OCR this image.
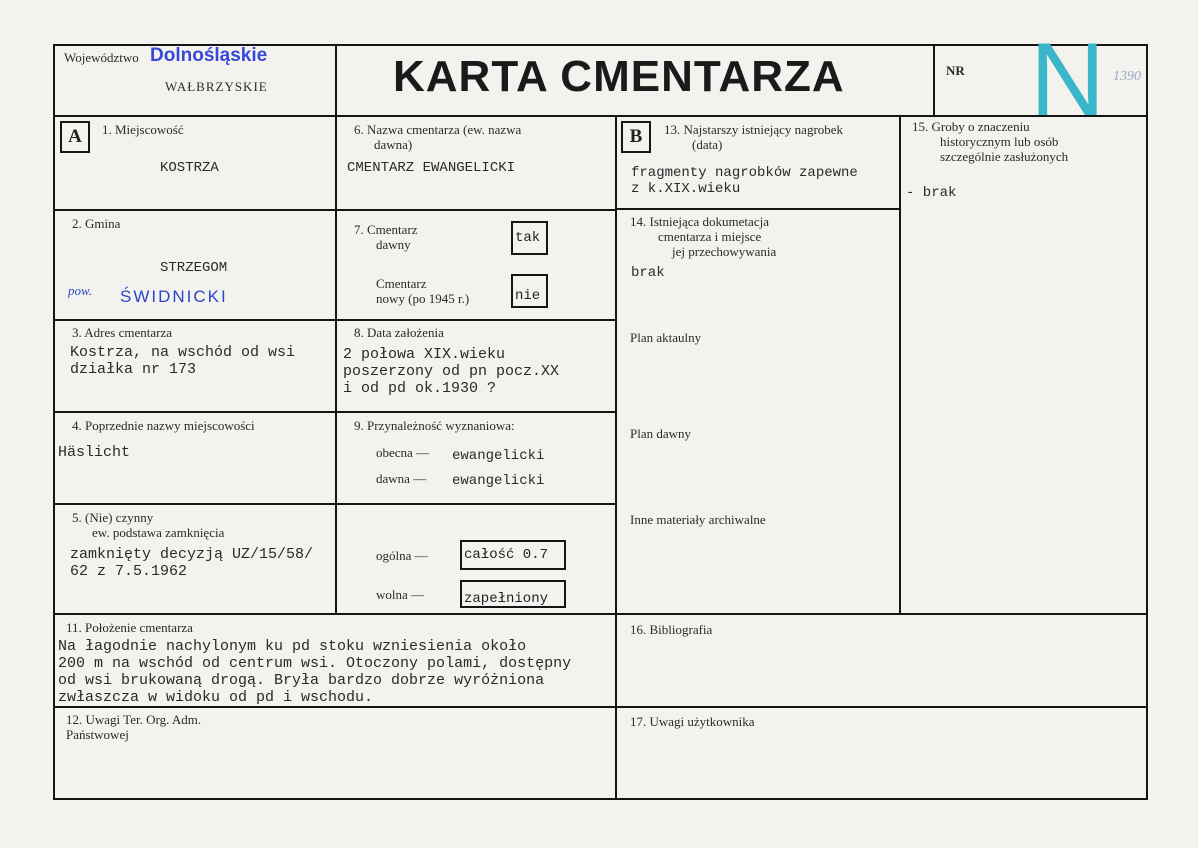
Województwo Dolnośląskie
WAŁBRZYSKIE	KARTA CMENTARZA	NR N 1390
A	B
1. Miejscowość
KOSTRZA
2. Gmina
STRZEGOM
pow. ŚWIDNICKI
3. Adres cmentarza
Kostrza, na wschód od wsi
działka nr 173
4. Poprzednie nazwy miejscowości
Häslicht
5. (Nie) czynny
ew. podstawa zamknięcia
zamknięty decyzją UZ/15/58/
62 z 7.5.1962
6. Nazwa cmentarza (ew. nazwa
dawna)
CMENTARZ EWANGELICKI
7. Cmentarz
dawny	tak
Cmentarz
nowy (po 1945 r.)	nie
8. Data założenia
2 połowa XIX.wieku
poszerzony od pn pocz.XX
i od pd ok.1930 ?
9. Przynależność wyznaniowa:
obecna — ewangelicki
dawna — ewangelicki
ogólna —	całość 0.7
wolna —	zapełniony
11. Położenie cmentarza
Na łagodnie nachylonym ku pd stoku wzniesienia około
200 m na wschód od centrum wsi. Otoczony polami, dostępny
od wsi brukowaną drogą. Bryła bardzo dobrze wyróżniona
zwłaszcza w widoku od pd i wschodu.
12. Uwagi Ter. Org. Adm.
Państwowej
13. Najstarszy istniejący nagrobek
(data)
fragmenty nagrobków zapewne
z k.XIX.wieku
14. Istniejąca dokumetacja
cmentarza i miejsce
jej przechowywania
brak
Plan aktaulny
Plan dawny
Inne materiały archiwalne
15. Groby o znaczeniu
historycznym lub osób
szczególnie zasłużonych
- brak
16. Bibliografia
17. Uwagi użytkownika
